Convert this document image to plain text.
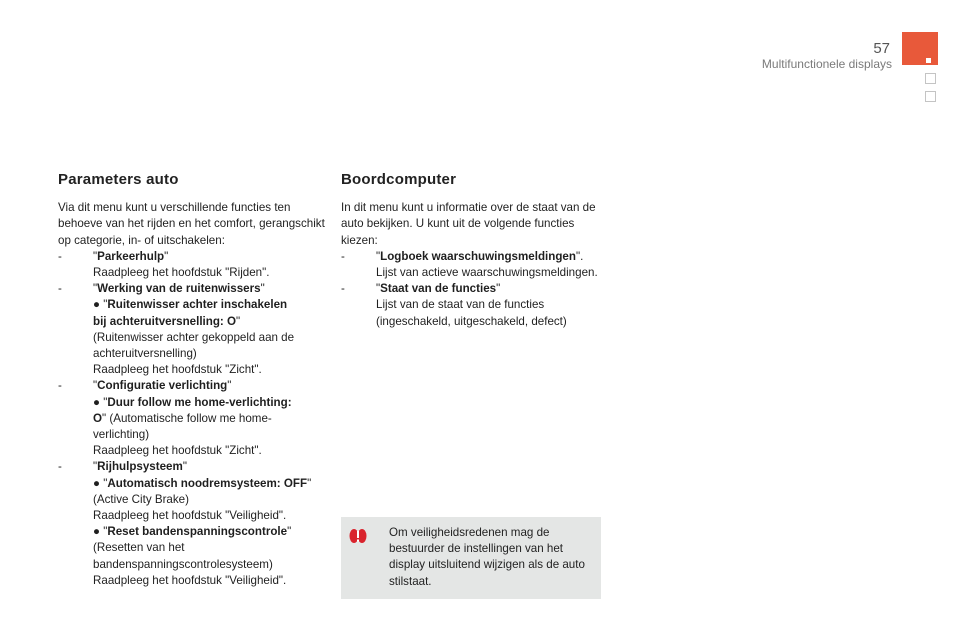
57
Multifunctionele displays
Parameters auto

Via dit menu kunt u verschillende functies ten behoeve van het rijden en het comfort, gerangschikt op categorie, in- of uitschakelen:

-	"Parkeerhulp"
Raadpleeg het hoofdstuk "Rijden".
-	"Werking van de ruitenwissers"
● "Ruitenwisser achter inschakelen
bij achteruitversnelling: O"
(Ruitenwisser achter gekoppeld aan de
achteruitversnelling)
Raadpleeg het hoofdstuk "Zicht".
-	"Configuratie verlichting"
● "Duur follow me home-verlichting:
O" (Automatische follow me home-
verlichting)
Raadpleeg het hoofdstuk "Zicht".
-	"Rijhulpsysteem"
● "Automatisch noodremsysteem: OFF"
(Active City Brake)
Raadpleeg het hoofdstuk "Veiligheid".
● "Reset bandenspanningscontrole"
(Resetten van het
bandenspanningscontrolesysteem)
Raadpleeg het hoofdstuk "Veiligheid".
Boordcomputer

In dit menu kunt u informatie over de staat van de auto bekijken. U kunt uit de volgende functies kiezen:

-	"Logboek waarschuwingsmeldingen".
Lijst van actieve waarschuwingsmeldingen.
-	"Staat van de functies"
Lijst van de staat van de functies
(ingeschakeld, uitgeschakeld, defect)
Om veiligheidsredenen mag de bestuurder de instellingen van het display uitsluitend wijzigen als de auto stilstaat.
